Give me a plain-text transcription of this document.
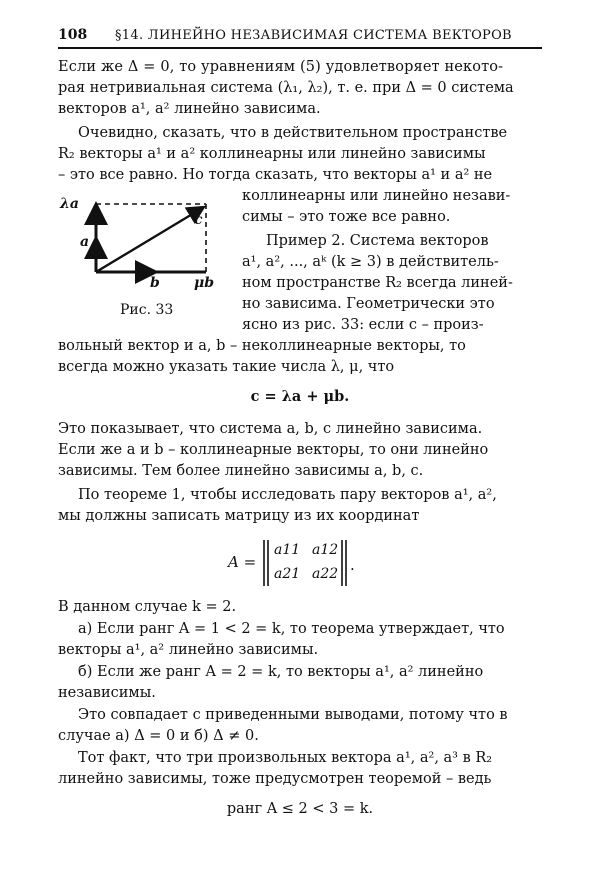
108 §14. ЛИНЕЙНО НЕЗАВИСИМАЯ СИСТЕМА ВЕКТОРОВ
Если же Δ = 0, то уравнениям (5) удовлетворяет некото-
рая нетривиальная система (λ₁, λ₂), т. е. при Δ = 0 система
векторов a¹, a² линейно зависима.
Очевидно, сказать, что в действительном пространстве
R₂ векторы a¹ и a² коллинеарны или линейно зависимы
– это все равно. Но тогда сказать, что векторы a¹ и a² не
коллинеарны или линейно незави-
симы – это тоже все равно.
Пример 2. Система векторов
a¹, a², ..., aᵏ (k ≥ 3) в действитель-
ном пространстве R₂ всегда линей-
но зависима. Геометрически это
ясно из рис. 33: если c – произ-
вольный вектор и a, b – неколлинеарные векторы, то
всегда можно указать такие числа λ, μ, что
c = λa + μb.
Это показывает, что система a, b, c линейно зависима.
Если же a и b – коллинеарные векторы, то они линейно
зависимы. Тем более линейно зависимы a, b, c.
По теореме 1, чтобы исследовать пару векторов a¹, a²,
мы должны записать матрицу из их координат
A =
a11 a12
a21 a22 .
В данном случае k = 2.
а) Если ранг A = 1 < 2 = k, то теорема утверждает, что
векторы a¹, a² линейно зависимы.
б) Если же ранг A = 2 = k, то векторы a¹, a² линейно
независимы.
Это совпадает с приведенными выводами, потому что в
случае а) Δ = 0 и б) Δ ≠ 0.
Тот факт, что три произвольных вектора a¹, a², a³ в R₂
линейно зависимы, тоже предусмотрен теоремой – ведь
ранг A ≤ 2 < 3 = k.
λa
a
b μb
c
Рис. 33
